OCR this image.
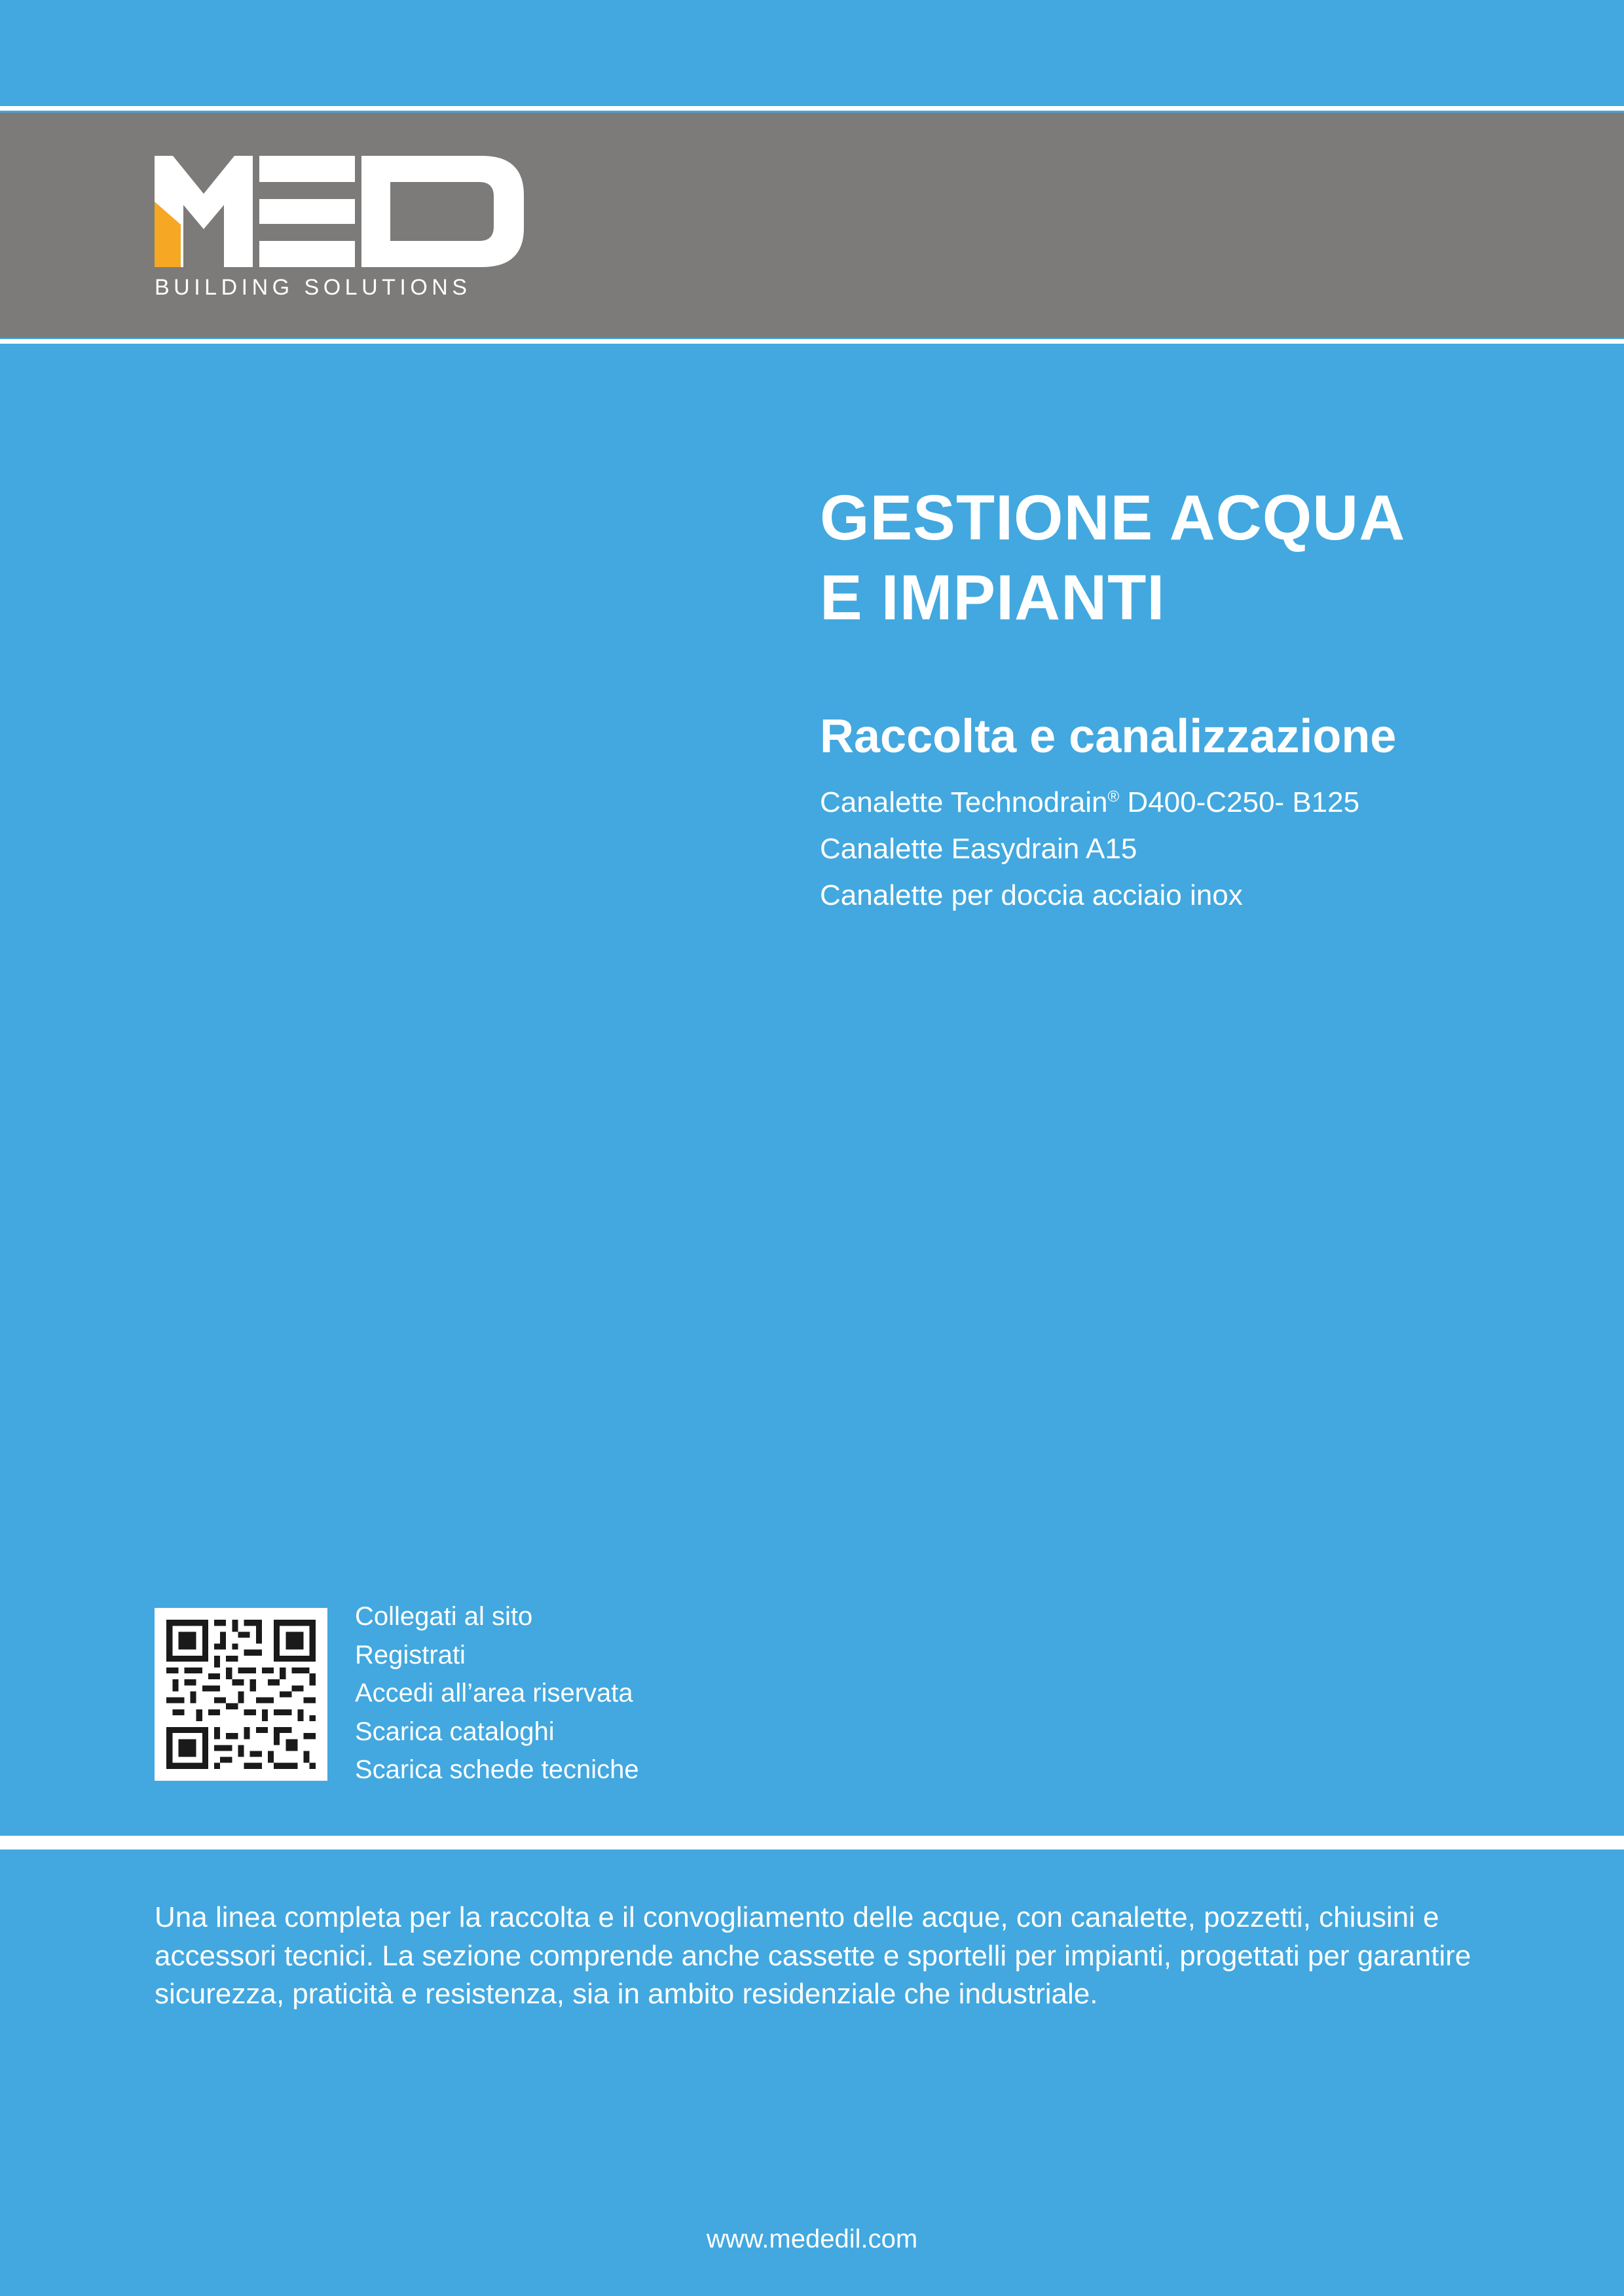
BUILDING SOLUTIONS
GESTIONE ACQUA
E IMPIANTI
Raccolta e canalizzazione
Canalette Technodrain® D400-C250- B125
Canalette Easydrain A15
Canalette per doccia acciaio inox
Collegati al sito
Registrati
Accedi all’area riservata
Scarica cataloghi
Scarica schede tecniche

Una linea completa per la raccolta e il convogliamento delle acque, con canalette, pozzetti, chiusini e accessori tecnici. La sezione comprende anche cassette e sportelli per impianti, progettati per garantire sicurezza, praticità e resistenza, sia in ambito residenziale che industriale.

www.mededil.com
